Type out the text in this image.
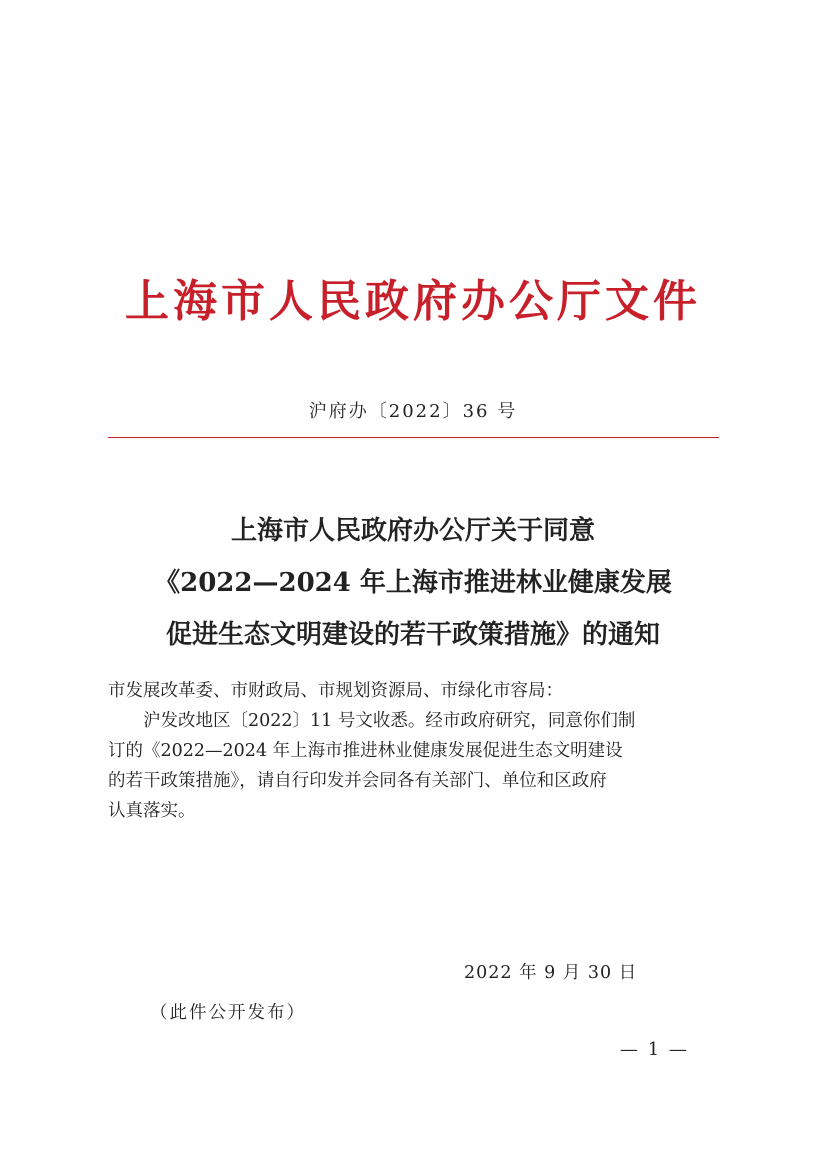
上海市人民政府办公厅文件
沪府办〔2022〕36 号
上海市人民政府办公厅关于同意
《2022—2024 年上海市推进林业健康发展
促进生态文明建设的若干政策措施》的通知
市发展改革委、市财政局、市规划资源局、市绿化市容局：
沪发改地区〔2022〕11 号文收悉。经市政府研究，同意你们制
订的《2022—2024 年上海市推进林业健康发展促进生态文明建设
的若干政策措施》，请自行印发并会同各有关部门、单位和区政府
认真落实。
2022 年 9 月 30 日
（此件公开发布）
— 1 —
